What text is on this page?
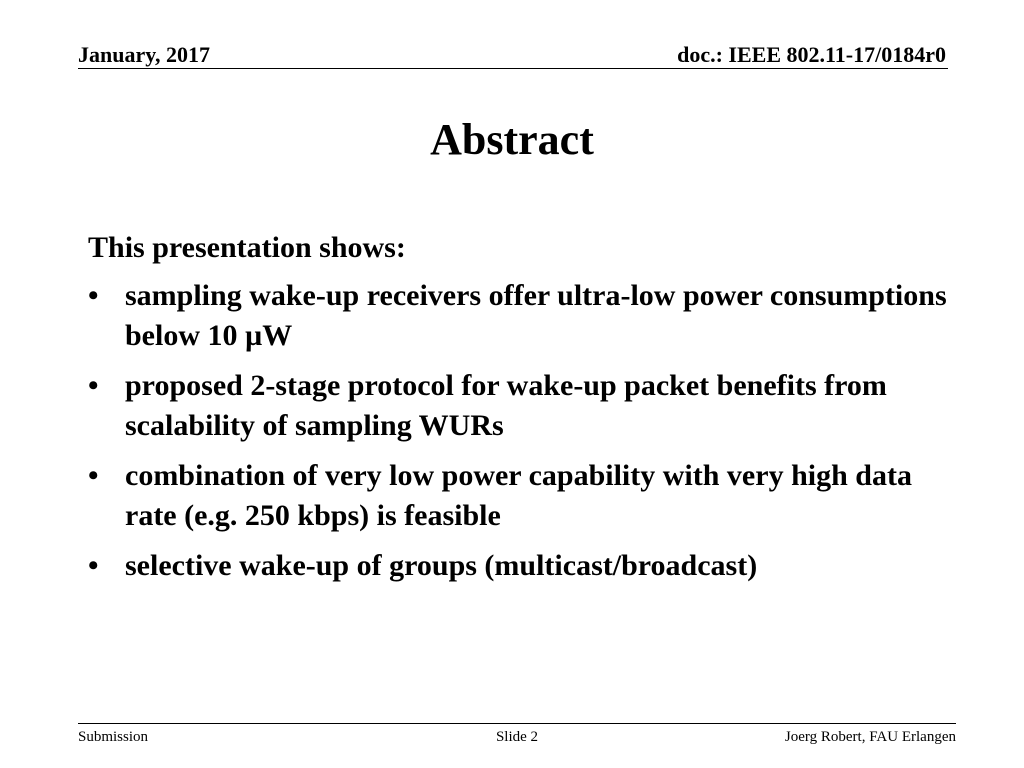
January, 2017	doc.: IEEE 802.11-17/0184r0
Abstract
This presentation shows:
• sampling wake-up receivers offer ultra-low power consumptions below 10 µW
• proposed 2-stage protocol for wake-up packet benefits from scalability of sampling WURs
• combination of very low power capability with very high data rate (e.g. 250 kbps) is feasible
• selective wake-up of groups (multicast/broadcast)
Submission	Slide 2	Joerg Robert, FAU Erlangen
